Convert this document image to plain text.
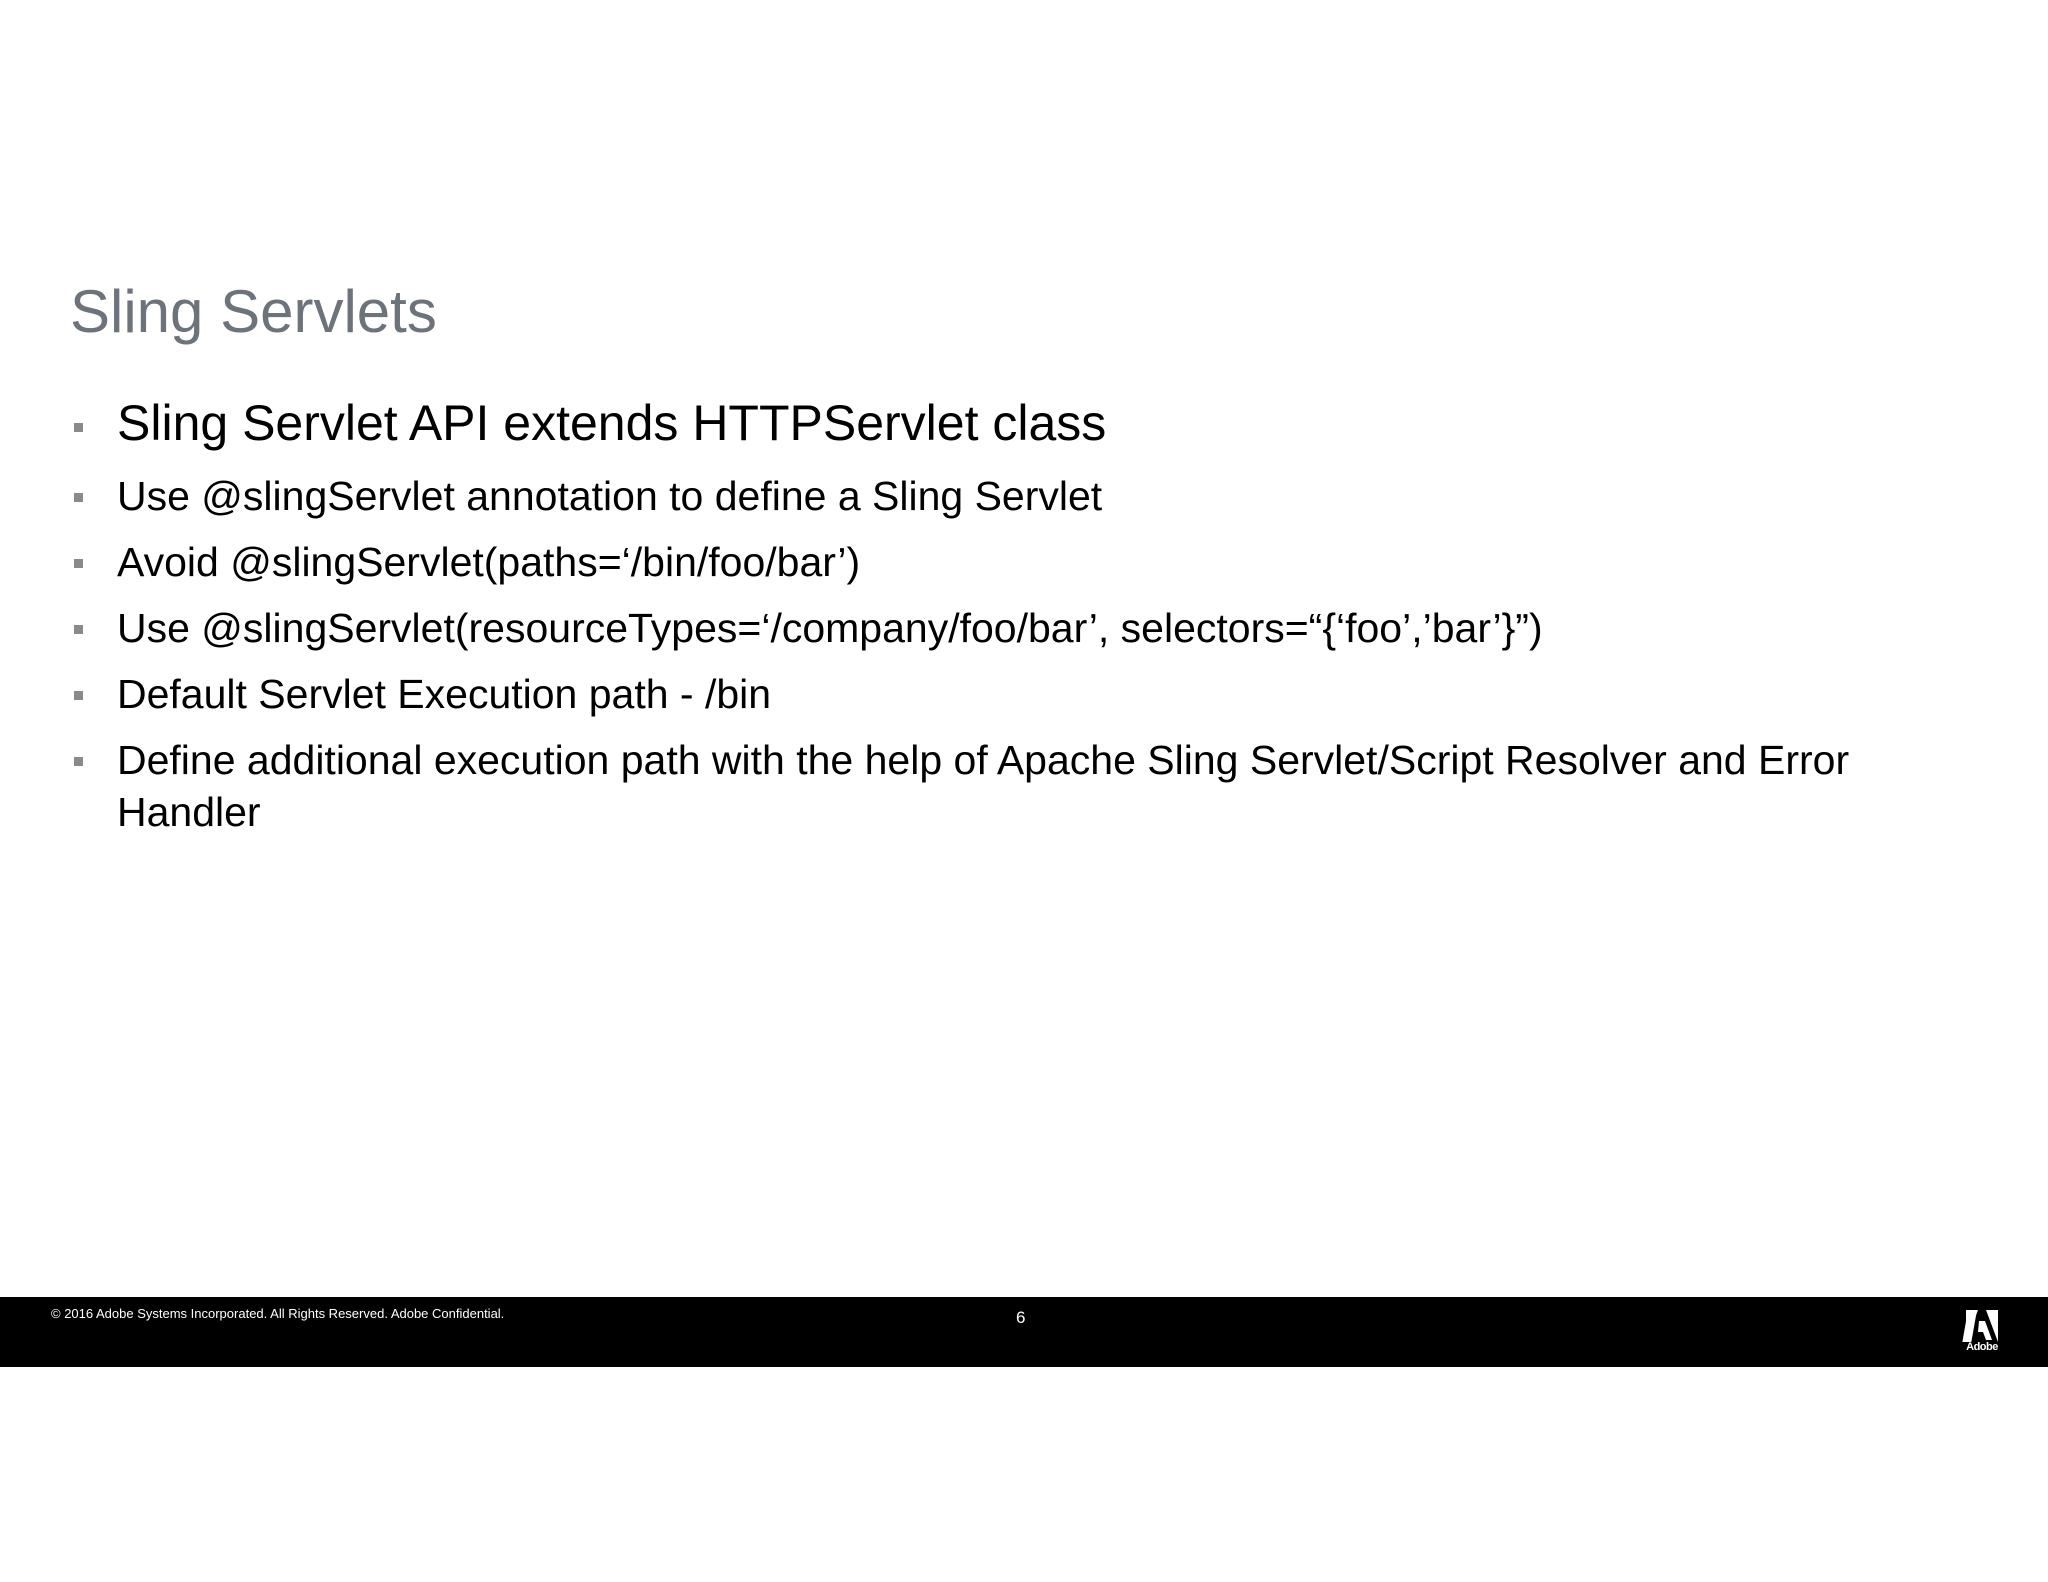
Sling Servlets
Sling Servlet API extends HTTPServlet class
Use @slingServlet annotation to define a Sling Servlet
Avoid @slingServlet(paths=‘/bin/foo/bar’)
Use @slingServlet(resourceTypes=‘/company/foo/bar’, selectors=“{‘foo’,’bar’}”)
Default Servlet Execution path - /bin
Define additional execution path with the help of Apache Sling Servlet/Script Resolver and Error Handler
© 2016 Adobe Systems Incorporated. All Rights Reserved. Adobe Confidential.	6
Adobe
